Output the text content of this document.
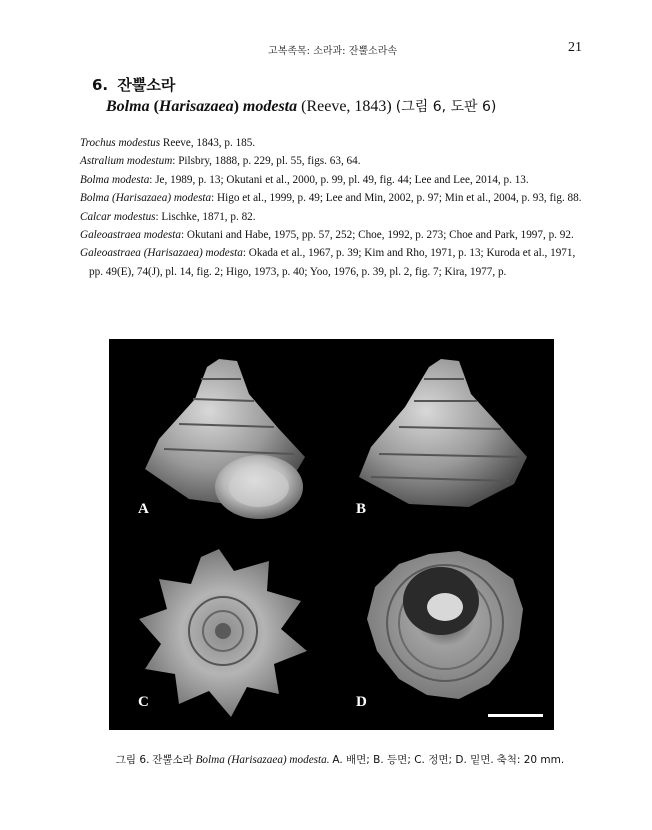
고복족목: 소라과: 잔뿔소라속	21
6. 잔뿔소라
Bolma (Harisazaea) modesta (Reeve, 1843) (그림 6, 도판 6)

Trochus modestus Reeve, 1843, p. 185.

Astralium modestum: Pilsbry, 1888, p. 229, pl. 55, figs. 63, 64.

Bolma modesta: Je, 1989, p. 13; Okutani et al., 2000, p. 99, pl. 49, fig. 44; Lee and Lee, 2014, p. 13.

Bolma (Harisazaea) modesta: Higo et al., 1999, p. 49; Lee and Min, 2002, p. 97; Min et al., 2004, p. 93, fig. 88.

Calcar modestus: Lischke, 1871, p. 82.

Galeoastraea modesta: Okutani and Habe, 1975, pp. 57, 252; Choe, 1992, p. 273; Choe and Park, 1997, p. 92.

Galeoastraea (Harisazaea) modesta: Okada et al., 1967, p. 39; Kim and Rho, 1971, p. 13; Kuroda et al., 1971, pp. 49(E), 74(J), pl. 14, fig. 2; Higo, 1973, p. 40; Yoo, 1976, p. 39, pl. 2, fig. 7; Kira, 1977, p.

A	B
C	D
그림 6. 잔뿔소라 Bolma (Harisazaea) modesta. A. 배면; B. 등면; C. 정면; D. 밑면. 축척: 20 mm.
